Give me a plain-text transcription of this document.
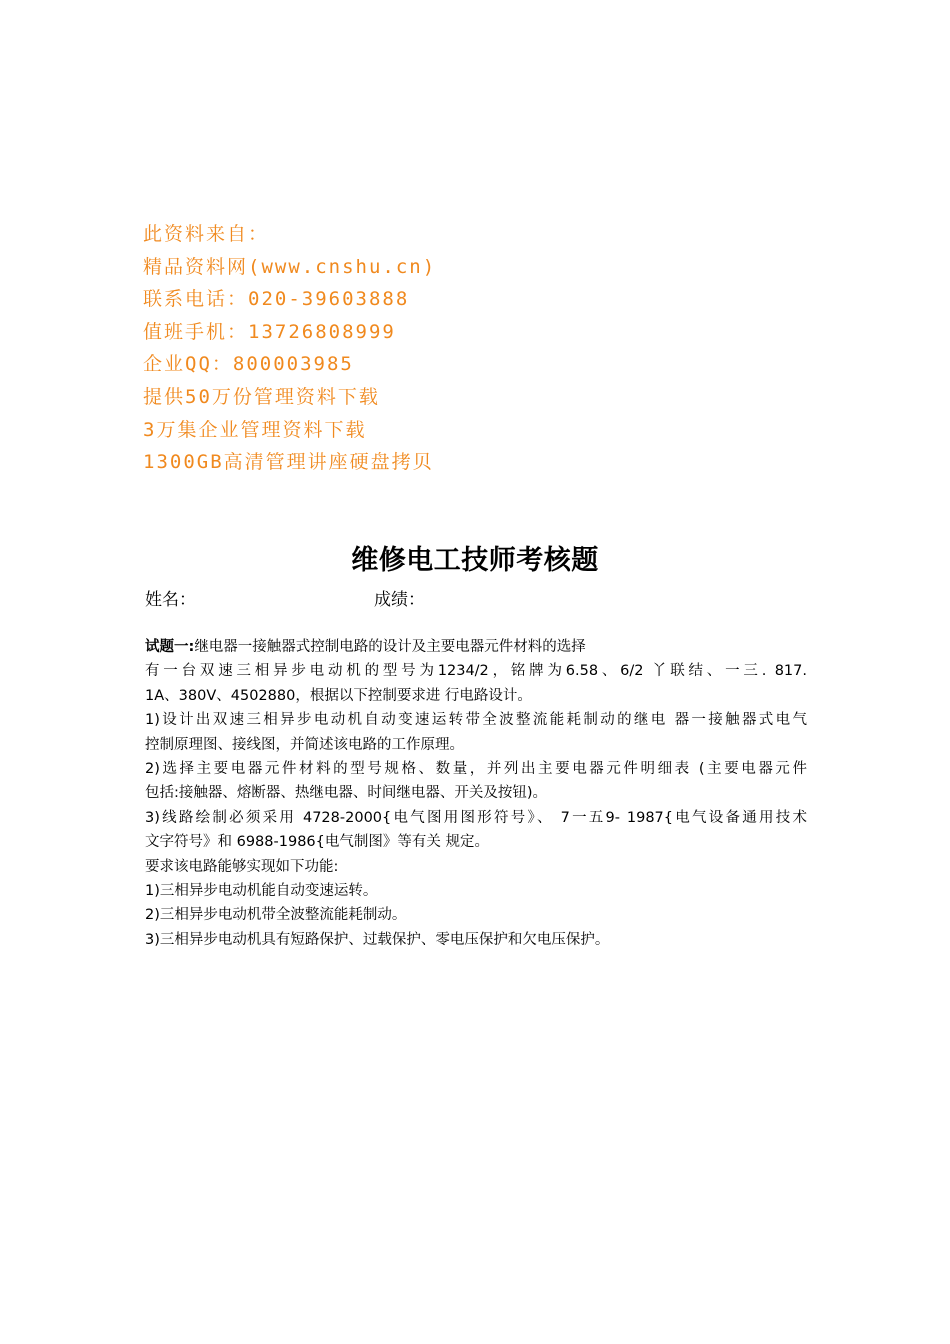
此资料来自：
精品资料网(www.cnshu.cn)
联系电话：020-39603888
值班手机：13726808999
企业QQ：800003985
提供50万份管理资料下载
3万集企业管理资料下载
1300GB高清管理讲座硬盘拷贝
维修电工技师考核题
姓名：	成绩：

试题一:继电器一接触器式控制电路的设计及主要电器元件材料的选择

有一台双速三相异步电动机的型号为1234/2，铭牌为6.58、6/2 丫联结、一三. 817.

1A、380V、4502880，根据以下控制要求进 行电路设计。

1)设计出双速三相异步电动机自动变速运转带全波整流能耗制动的继电 器一接触器式电气

控制原理图、接线图，并简述该电路的工作原理。

2)选择主要电器元件材料的型号规格、数量，并列出主要电器元件明细表 (主要电器元件

包括:接触器、熔断器、热继电器、时间继电器、开关及按钮)。

3)线路绘制必须采用 4728-2000{电气图用图形符号》、 7一五9- 1987{电气设备通用技术

文字符号》和 6988-1986{电气制图》等有关 规定。

要求该电路能够实现如下功能:

1)三相异步电动机能自动变速运转。

2)三相异步电动机带全波整流能耗制动。

3)三相异步电动机具有短路保护、过载保护、零电压保护和欠电压保护。
